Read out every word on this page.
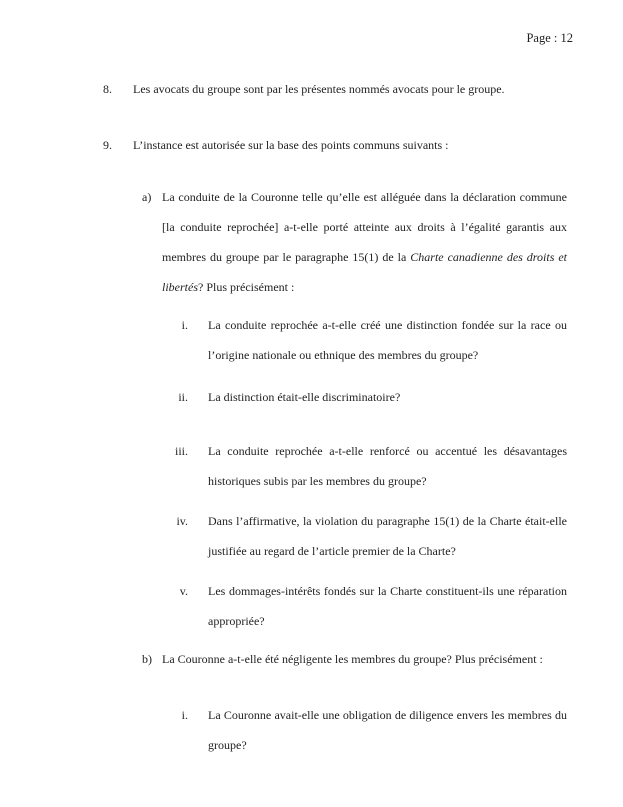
Page : 12
8.	Les avocats du groupe sont par les présentes nommés avocats pour le groupe.
9.	L’instance est autorisée sur la base des points communs suivants :
a) La conduite de la Couronne telle qu’elle est alléguée dans la déclaration commune [la conduite reprochée] a-t-elle porté atteinte aux droits à l’égalité garantis aux membres du groupe par le paragraphe 15(1) de la Charte canadienne des droits et libertés? Plus précisément :
i. La conduite reprochée a-t-elle créé une distinction fondée sur la race ou l’origine nationale ou ethnique des membres du groupe?
ii. La distinction était-elle discriminatoire?
iii. La conduite reprochée a-t-elle renforcé ou accentué les désavantages historiques subis par les membres du groupe?
iv. Dans l’affirmative, la violation du paragraphe 15(1) de la Charte était-elle justifiée au regard de l’article premier de la Charte?
v. Les dommages-intérêts fondés sur la Charte constituent-ils une réparation appropriée?
b) La Couronne a-t-elle été négligente les membres du groupe? Plus précisément :
i. La Couronne avait-elle une obligation de diligence envers les membres du groupe?
